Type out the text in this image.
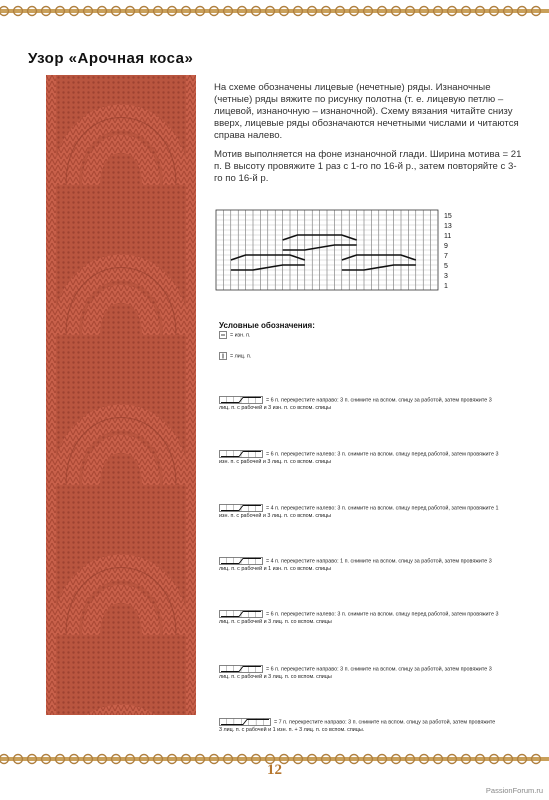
Узор «Арочная коса»

На схеме обозначены лицевые (нечетные) ряды. Изнаночные (четные) ряды вяжите по рисунку полотна (т. е. лицевую петлю – лицевой, изнаночную – изнаночной). Схему вязания читайте снизу вверх, лицевые ряды обозначаются нечетными числами и читаются справа налево.

Мотив выполняется на фоне изнаночной глади. Ширина мотива = 21 п. В высоту провяжите 1 раз с 1-го по 16-й р., затем повторяйте с 3-го по 16-й р.

15
13
11
9
7
5
3
1
Условные обозначения:
= изн. п.
= лиц. п.
= 6 п. перекрестите направо: 3 п. снимите на вспом. спицу за работой, затем провяжите 3 лиц. п. с рабочей и 3 изн. п. со вспом. спицы
= 6 п. перекрестите налево: 3 п. снимите на вспом. спицу перед работой, затем провяжите 3 изн. п. с рабочей и 3 лиц. п. со вспом. спицы
= 4 п. перекрестите налево: 3 п. снимите на вспом. спицу перед работой, затем провяжите 1 изн. п. с рабочей и 3 лиц. п. со вспом. спицы
= 4 п. перекрестите направо: 1 п. снимите на вспом. спицу за работой, затем провяжите 3 лиц. п. с рабочей и 1 изн. п. со вспом. спицы
= 6 п. перекрестите налево: 3 п. снимите на вспом. спицу перед работой, затем провяжите 3 лиц. п. с рабочей и 3 лиц. п. со вспом. спицы
= 6 п. перекрестите направо: 3 п. снимите на вспом. спицу за работой, затем провяжите 3 лиц. п. с рабочей и 3 лиц. п. со вспом. спицы
= 7 п. перекрестите направо: 3 п. снимите на вспом. спицу за работой, затем провяжите 3 лиц. п. с рабочей и 1 изн. п. + 3 лиц. п. со вспом. спицы.
12
PassionForum.ru
